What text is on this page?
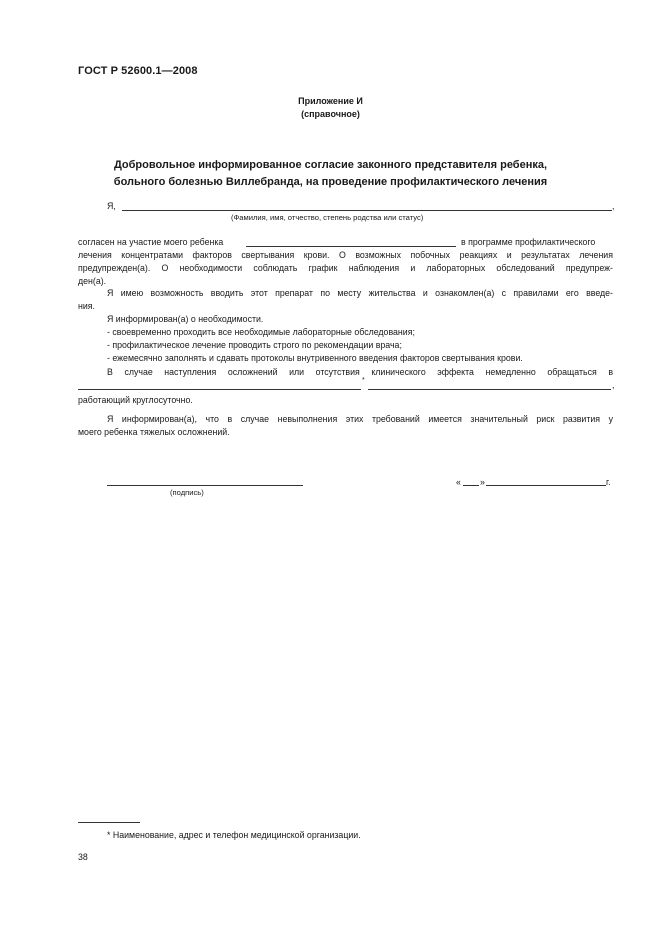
ГОСТ Р 52600.1—2008
Приложение И
(справочное)
Добровольное информированное согласие законного представителя ребенка,
больного болезнью Виллебранда, на проведение профилактического лечения
Я,	,
(Фамилия, имя, отчество, степень родства или статус)
согласен на участие моего ребенка	в программе профилактического
лечения концентратами факторов свертывания крови. О возможных побочных реакциях и результатах лечения
предупрежден(а). О необходимости соблюдать график наблюдения и лабораторных обследований предупреж-
ден(а).
Я имею возможность вводить этот препарат по месту жительства и ознакомлен(а) с правилами его введе-
ния.
Я информирован(а) о необходимости.
- своевременно проходить все необходимые лабораторные обследования;
- профилактическое лечение проводить строго по рекомендации врача;
- ежемесячно заполнять и сдавать протоколы внутривенного введения факторов свертывания крови.
В случае наступления осложнений или отсутствия клинического эффекта немедленно обращаться в
*	,
работающий круглосуточно.
Я информирован(а), что в случае невыполнения этих требований имеется значительный риск развития у
моего ребенка тяжелых осложнений.
(подпись)
« »	г.
* Наименование, адрес и телефон медицинской организации.
38
